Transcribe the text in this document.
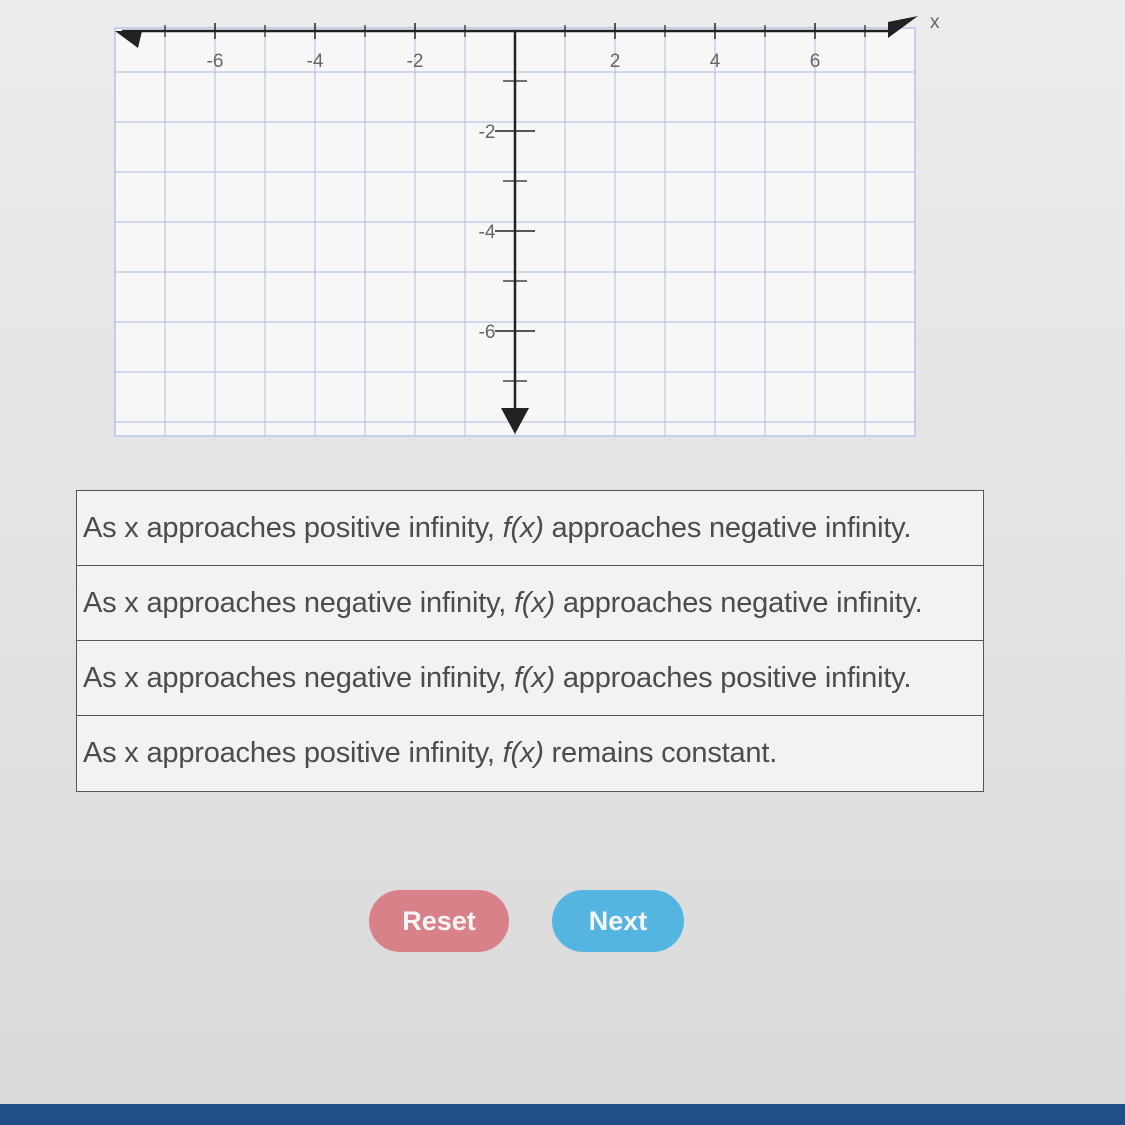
x
-6	-4	-2	2	4	6
-2
-4
-6
As x approaches positive infinity, f(x) approaches negative infinity.
As x approaches negative infinity, f(x) approaches negative infinity.
As x approaches negative infinity, f(x) approaches positive infinity.
As x approaches positive infinity, f(x) remains constant.
Reset	Next
